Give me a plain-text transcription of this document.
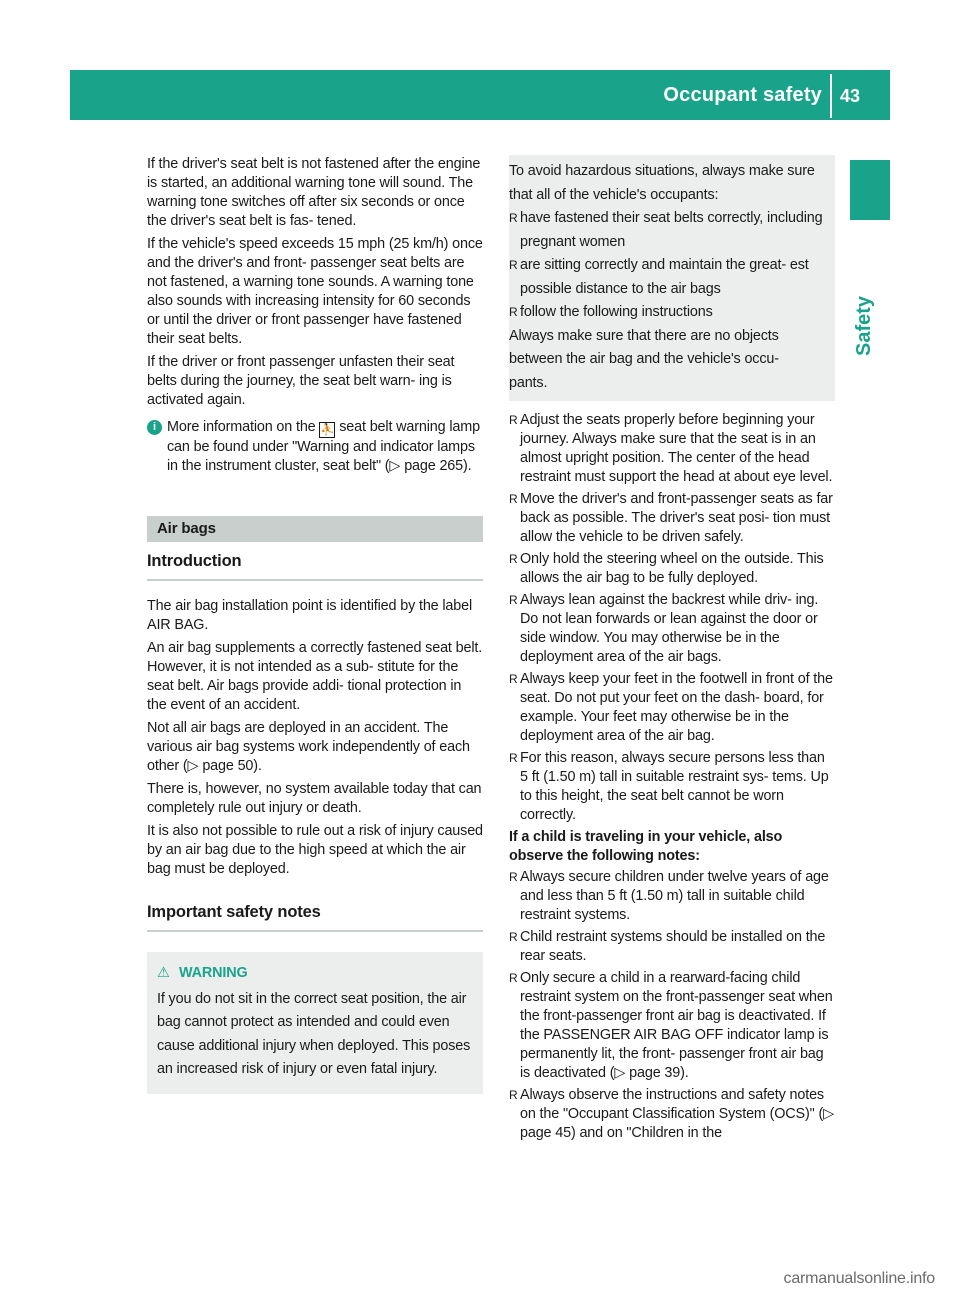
Occupant safety	43
Safety

If the driver's seat belt is not fastened after the engine is started, an additional warning tone will sound. The warning tone switches off after six seconds or once the driver's seat belt is fas- tened.

If the vehicle's speed exceeds 15 mph (25 km/h) once and the driver's and front- passenger seat belts are not fastened, a warning tone sounds. A warning tone also sounds with increasing intensity for 60 seconds or until the driver or front passenger have fastened their seat belts.

If the driver or front passenger unfasten their seat belts during the journey, the seat belt warn- ing is activated again.

i More information on the ⛹ seat belt warning lamp can be found under "Warning and indicator lamps in the instrument cluster, seat belt" (▷ page 265).
Air bags
Introduction

The air bag installation point is identified by the label AIR BAG.

An air bag supplements a correctly fastened seat belt. However, it is not intended as a sub- stitute for the seat belt. Air bags provide addi- tional protection in the event of an accident.

Not all air bags are deployed in an accident. The various air bag systems work independently of each other (▷ page 50).

There is, however, no system available today that can completely rule out injury or death.

It is also not possible to rule out a risk of injury caused by an air bag due to the high speed at which the air bag must be deployed.

Important safety notes
⚠ WARNING
If you do not sit in the correct seat position, the air bag cannot protect as intended and could even cause additional injury when deployed. This poses an increased risk of injury or even fatal injury.
To avoid hazardous situations, always make sure that all of the vehicle's occupants:
R have fastened their seat belts correctly, including pregnant women
R are sitting correctly and maintain the great- est possible distance to the air bags
R follow the following instructions
Always make sure that there are no objects between the air bag and the vehicle's occu- pants.
R Adjust the seats properly before beginning your journey. Always make sure that the seat is in an almost upright position. The center of the head restraint must support the head at about eye level.
R Move the driver's and front-passenger seats as far back as possible. The driver's seat posi- tion must allow the vehicle to be driven safely.
R Only hold the steering wheel on the outside. This allows the air bag to be fully deployed.
R Always lean against the backrest while driv- ing. Do not lean forwards or lean against the door or side window. You may otherwise be in the deployment area of the air bags.
R Always keep your feet in the footwell in front of the seat. Do not put your feet on the dash- board, for example. Your feet may otherwise be in the deployment area of the air bag.
R For this reason, always secure persons less than 5 ft (1.50 m) tall in suitable restraint sys- tems. Up to this height, the seat belt cannot be worn correctly.
If a child is traveling in your vehicle, also observe the following notes:
R Always secure children under twelve years of age and less than 5 ft (1.50 m) tall in suitable child restraint systems.
R Child restraint systems should be installed on the rear seats.
R Only secure a child in a rearward-facing child restraint system on the front-passenger seat when the front-passenger front air bag is deactivated. If the PASSENGER AIR BAG OFF indicator lamp is permanently lit, the front- passenger front air bag is deactivated (▷ page 39).
R Always observe the instructions and safety notes on the "Occupant Classification System (OCS)" (▷ page 45) and on "Children in the
carmanualsonline.info
